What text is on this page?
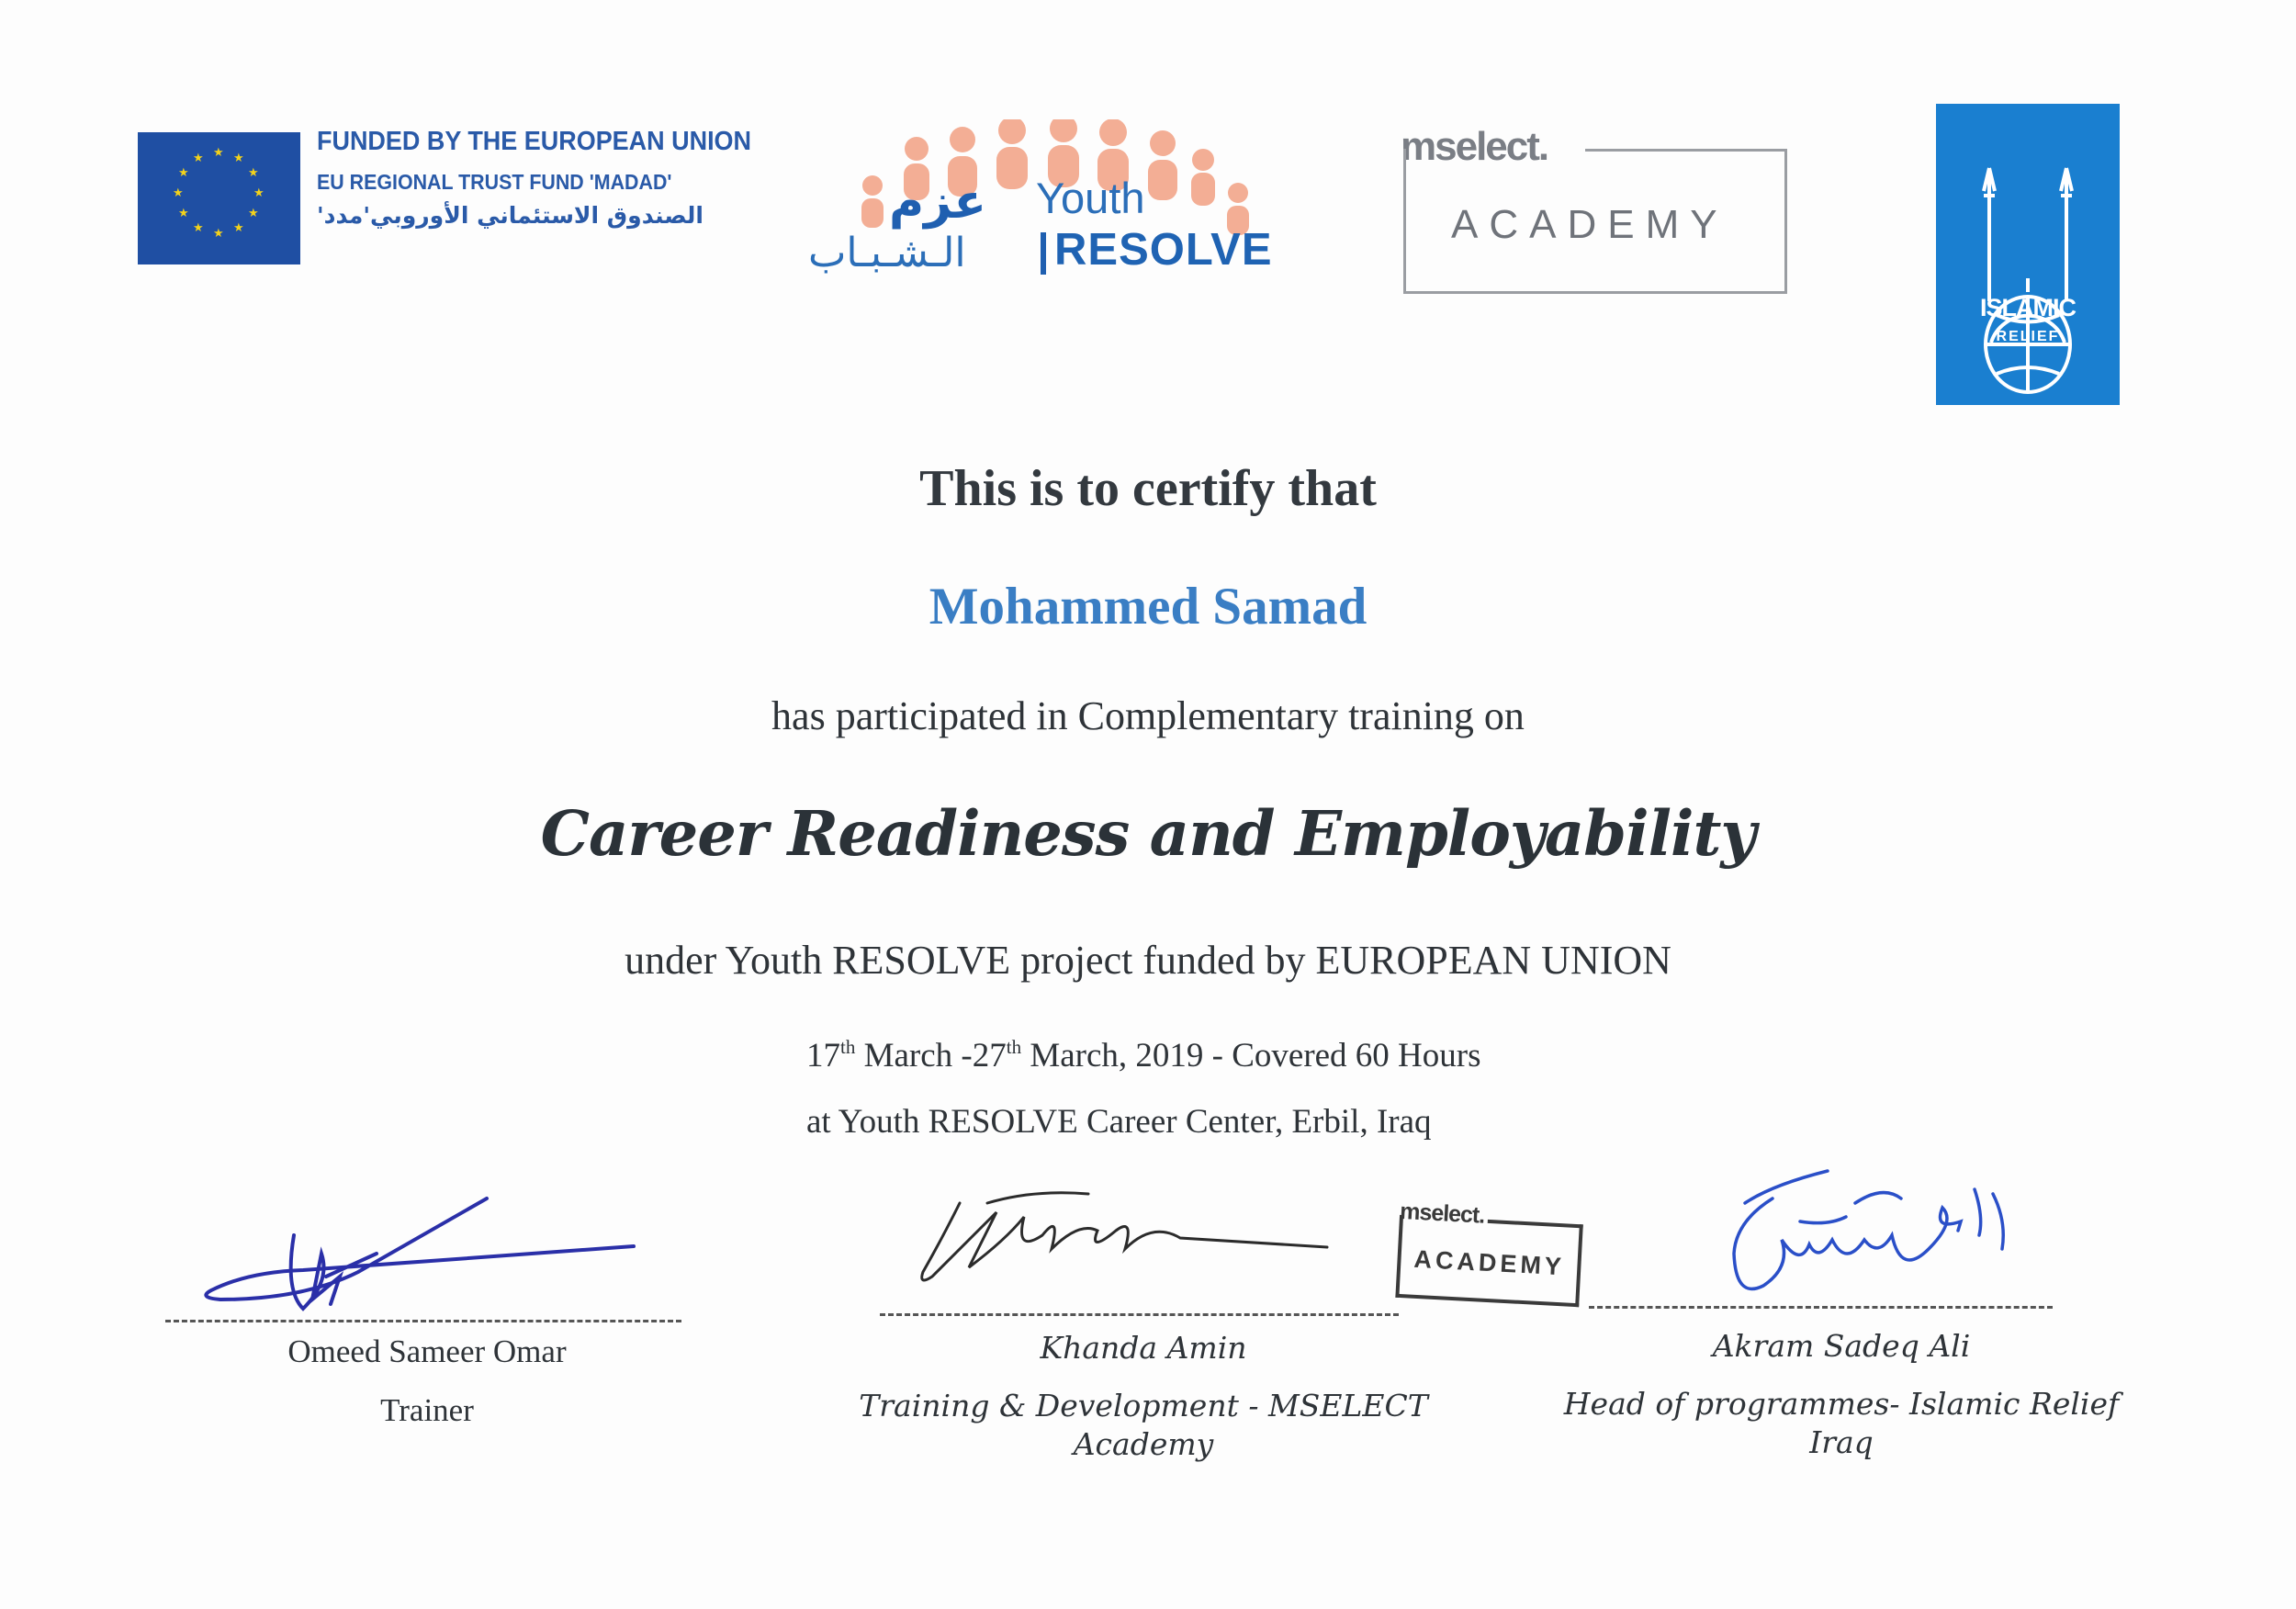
★ ★
★
★
★
★
★
★
★
★
★
★
FUNDED BY THE EUROPEAN UNION
EU REGIONAL TRUST FUND 'MADAD'
الصندوق الاستئماني الأوروبي'مدد'	عزم Youth
الـشـبـاب RESOLVE
mselect.
ACADEMY
ISLAMIC
RELIEF
This is to certify that
Mohammed Samad
has participated in Complementary training on
Career Readiness and Employability
under Youth RESOLVE project funded by EUROPEAN UNION
17th March -27th March, 2019 - Covered 60 Hours
at Youth RESOLVE Career Center, Erbil, Iraq
mselect.
ACADEMY
Omeed Sameer Omar
Trainer
Khanda Amin
Training & Development - MSELECT
Academy
Akram Sadeq Ali
Head of programmes- Islamic Relief
Iraq
